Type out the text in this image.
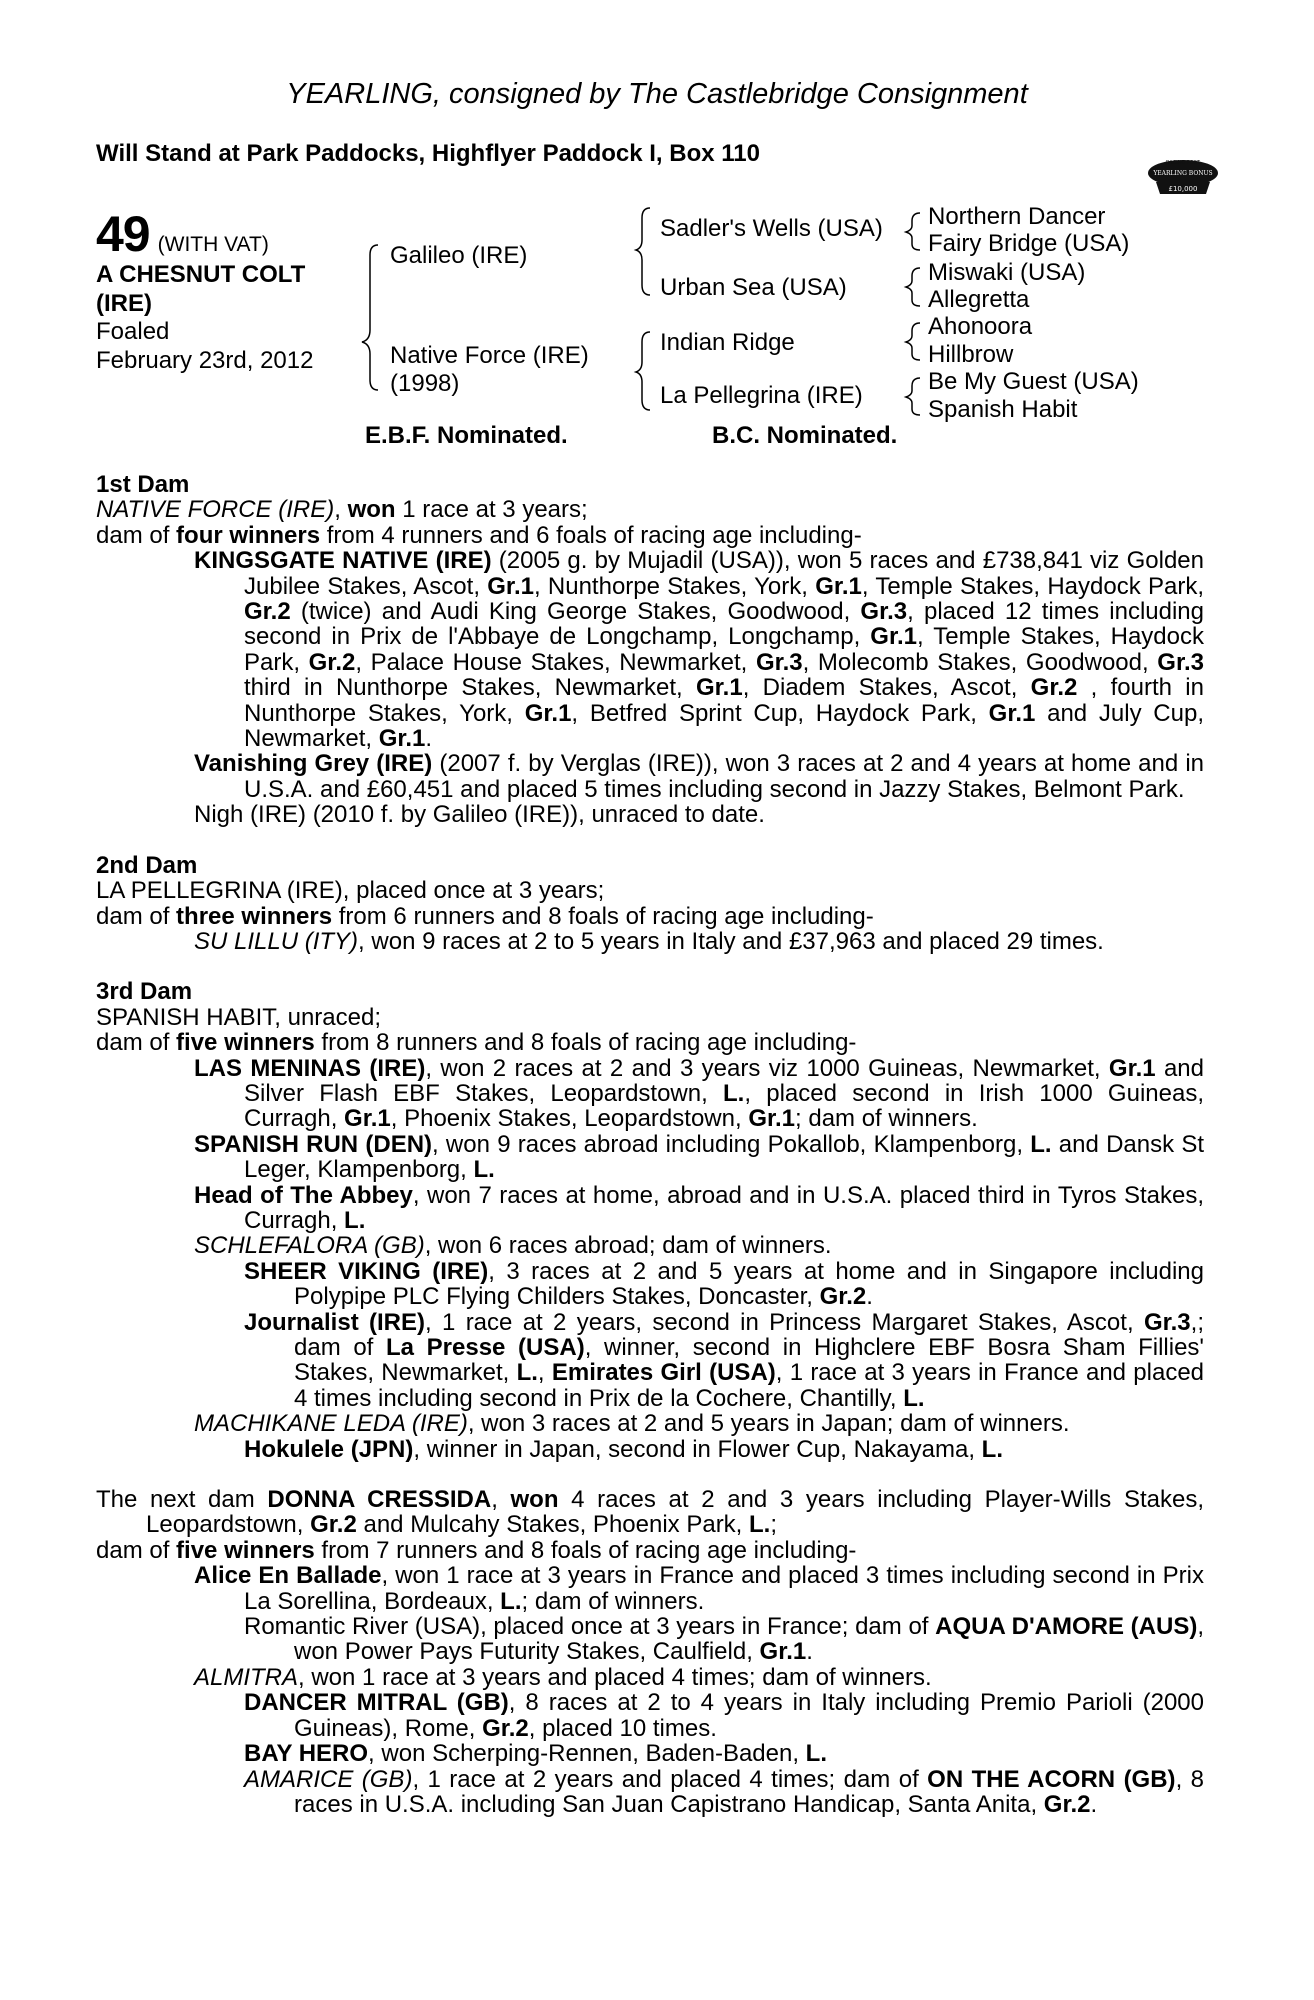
YEARLING, consigned by The Castlebridge Consignment
Will Stand at Park Paddocks, Highflyer Paddock I, Box 110	RACING POST
YEARLING BONUS
£10,000
49 (WITH VAT)
A CHESNUT COLT (IRE)
Foaled
February 23rd, 2012
Galileo (IRE)
Native Force (IRE)
(1998)
Sadler's Wells (USA)
Urban Sea (USA)
Indian Ridge
La Pellegrina (IRE)
Northern Dancer
Fairy Bridge (USA)
Miswaki (USA)
Allegretta
Ahonoora
Hillbrow
Be My Guest (USA)
Spanish Habit
E.B.F. Nominated.	B.C. Nominated.
1st Dam

NATIVE FORCE (IRE), won 1 race at 3 years;

dam of four winners from 4 runners and 6 foals of racing age including-

KINGSGATE NATIVE (IRE) (2005 g. by Mujadil (USA)), won 5 races and £738,841 viz Golden Jubilee Stakes, Ascot, Gr.1, Nunthorpe Stakes, York, Gr.1, Temple Stakes, Haydock Park, Gr.2 (twice) and Audi King George Stakes, Goodwood, Gr.3, placed 12 times including second in Prix de l'Abbaye de Longchamp, Longchamp, Gr.1, Temple Stakes, Haydock Park, Gr.2, Palace House Stakes, Newmarket, Gr.3, Molecomb Stakes, Goodwood, Gr.3 third in Nunthorpe Stakes, Newmarket, Gr.1, Diadem Stakes, Ascot, Gr.2 , fourth in Nunthorpe Stakes, York, Gr.1, Betfred Sprint Cup, Haydock Park, Gr.1 and July Cup, Newmarket, Gr.1.

Vanishing Grey (IRE) (2007 f. by Verglas (IRE)), won 3 races at 2 and 4 years at home and in U.S.A. and £60,451 and placed 5 times including second in Jazzy Stakes, Belmont Park.

Nigh (IRE) (2010 f. by Galileo (IRE)), unraced to date.

2nd Dam

LA PELLEGRINA (IRE), placed once at 3 years;

dam of three winners from 6 runners and 8 foals of racing age including-

SU LILLU (ITY), won 9 races at 2 to 5 years in Italy and £37,963 and placed 29 times.

3rd Dam

SPANISH HABIT, unraced;

dam of five winners from 8 runners and 8 foals of racing age including-

LAS MENINAS (IRE), won 2 races at 2 and 3 years viz 1000 Guineas, Newmarket, Gr.1 and Silver Flash EBF Stakes, Leopardstown, L., placed second in Irish 1000 Guineas, Curragh, Gr.1, Phoenix Stakes, Leopardstown, Gr.1; dam of winners.

SPANISH RUN (DEN), won 9 races abroad including Pokallob, Klampenborg, L. and Dansk St Leger, Klampenborg, L.

Head of The Abbey, won 7 races at home, abroad and in U.S.A. placed third in Tyros Stakes, Curragh, L.

SCHLEFALORA (GB), won 6 races abroad; dam of winners.

SHEER VIKING (IRE), 3 races at 2 and 5 years at home and in Singapore including Polypipe PLC Flying Childers Stakes, Doncaster, Gr.2.

Journalist (IRE), 1 race at 2 years, second in Princess Margaret Stakes, Ascot, Gr.3,; dam of La Presse (USA), winner, second in Highclere EBF Bosra Sham Fillies' Stakes, Newmarket, L., Emirates Girl (USA), 1 race at 3 years in France and placed 4 times including second in Prix de la Cochere, Chantilly, L.

MACHIKANE LEDA (IRE), won 3 races at 2 and 5 years in Japan; dam of winners.

Hokulele (JPN), winner in Japan, second in Flower Cup, Nakayama, L.

The next dam DONNA CRESSIDA, won 4 races at 2 and 3 years including Player-Wills Stakes, Leopardstown, Gr.2 and Mulcahy Stakes, Phoenix Park, L.;

dam of five winners from 7 runners and 8 foals of racing age including-

Alice En Ballade, won 1 race at 3 years in France and placed 3 times including second in Prix La Sorellina, Bordeaux, L.; dam of winners.

Romantic River (USA), placed once at 3 years in France; dam of AQUA D'AMORE (AUS), won Power Pays Futurity Stakes, Caulfield, Gr.1.

ALMITRA, won 1 race at 3 years and placed 4 times; dam of winners.

DANCER MITRAL (GB), 8 races at 2 to 4 years in Italy including Premio Parioli (2000 Guineas), Rome, Gr.2, placed 10 times.

BAY HERO, won Scherping-Rennen, Baden-Baden, L.

AMARICE (GB), 1 race at 2 years and placed 4 times; dam of ON THE ACORN (GB), 8 races in U.S.A. including San Juan Capistrano Handicap, Santa Anita, Gr.2.
